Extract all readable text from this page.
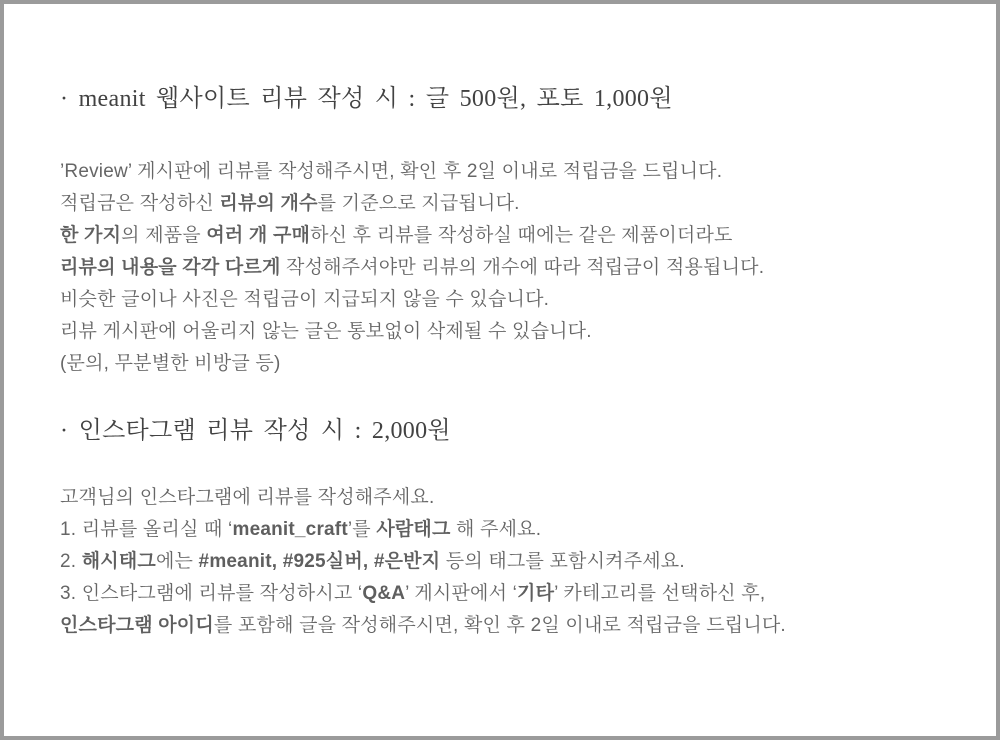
· meanit 웹사이트 리뷰 작성 시 : 글 500원, 포토 1,000원
’Review’ 게시판에 리뷰를 작성해주시면, 확인 후 2일 이내로 적립금을 드립니다.
적립금은 작성하신 리뷰의 개수를 기준으로 지급됩니다.
한 가지의 제품을 여러 개 구매하신 후 리뷰를 작성하실 때에는 같은 제품이더라도
리뷰의 내용을 각각 다르게 작성해주셔야만 리뷰의 개수에 따라 적립금이 적용됩니다.
비슷한 글이나 사진은 적립금이 지급되지 않을 수 있습니다.
리뷰 게시판에 어울리지 않는 글은 통보없이 삭제될 수 있습니다.
(문의, 무분별한 비방글 등)
· 인스타그램 리뷰 작성 시 : 2,000원
고객님의 인스타그램에 리뷰를 작성해주세요.
1. 리뷰를 올리실 때 ‘meanit_craft’를 사람태그 해 주세요.
2. 해시태그에는 #meanit, #925실버, #은반지 등의 태그를 포함시켜주세요.
3. 인스타그램에 리뷰를 작성하시고 ‘Q&A’ 게시판에서 ‘기타’ 카테고리를 선택하신 후,
인스타그램 아이디를 포함해 글을 작성해주시면, 확인 후 2일 이내로 적립금을 드립니다.
